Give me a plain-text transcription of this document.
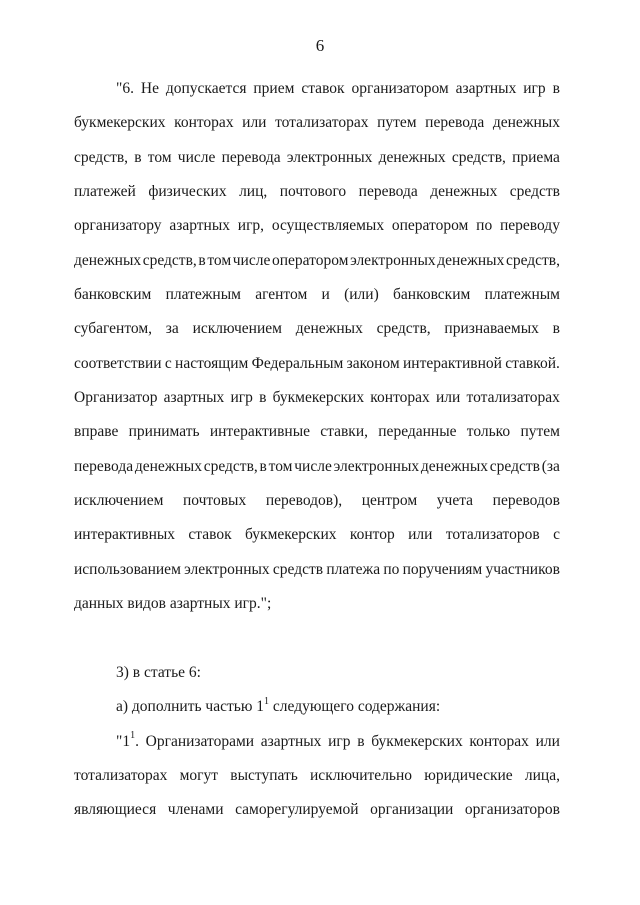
6
"6. Не допускается прием ставок организатором азартных игр в
букмекерских конторах или тотализаторах путем перевода денежных
средств, в том числе перевода электронных денежных средств, приема
платежей физических лиц, почтового перевода денежных средств
организатору азартных игр, осуществляемых оператором по переводу
денежных средств, в том числе оператором электронных денежных средств,
банковским платежным агентом и (или) банковским платежным
субагентом, за исключением денежных средств, признаваемых в
соответствии с настоящим Федеральным законом интерактивной ставкой.
Организатор азартных игр в букмекерских конторах или тотализаторах
вправе принимать интерактивные ставки, переданные только путем
перевода денежных средств, в том числе электронных денежных средств (за
исключением почтовых переводов), центром учета переводов
интерактивных ставок букмекерских контор или тотализаторов с
использованием электронных средств платежа по поручениям участников
данных видов азартных игр.";
3) в статье 6:
а) дополнить частью $1^1$ следующего содержания:
"$1^1$. Организаторами азартных игр в букмекерских конторах или
тотализаторах могут выступать исключительно юридические лица,
являющиеся членами саморегулируемой организации организаторов
